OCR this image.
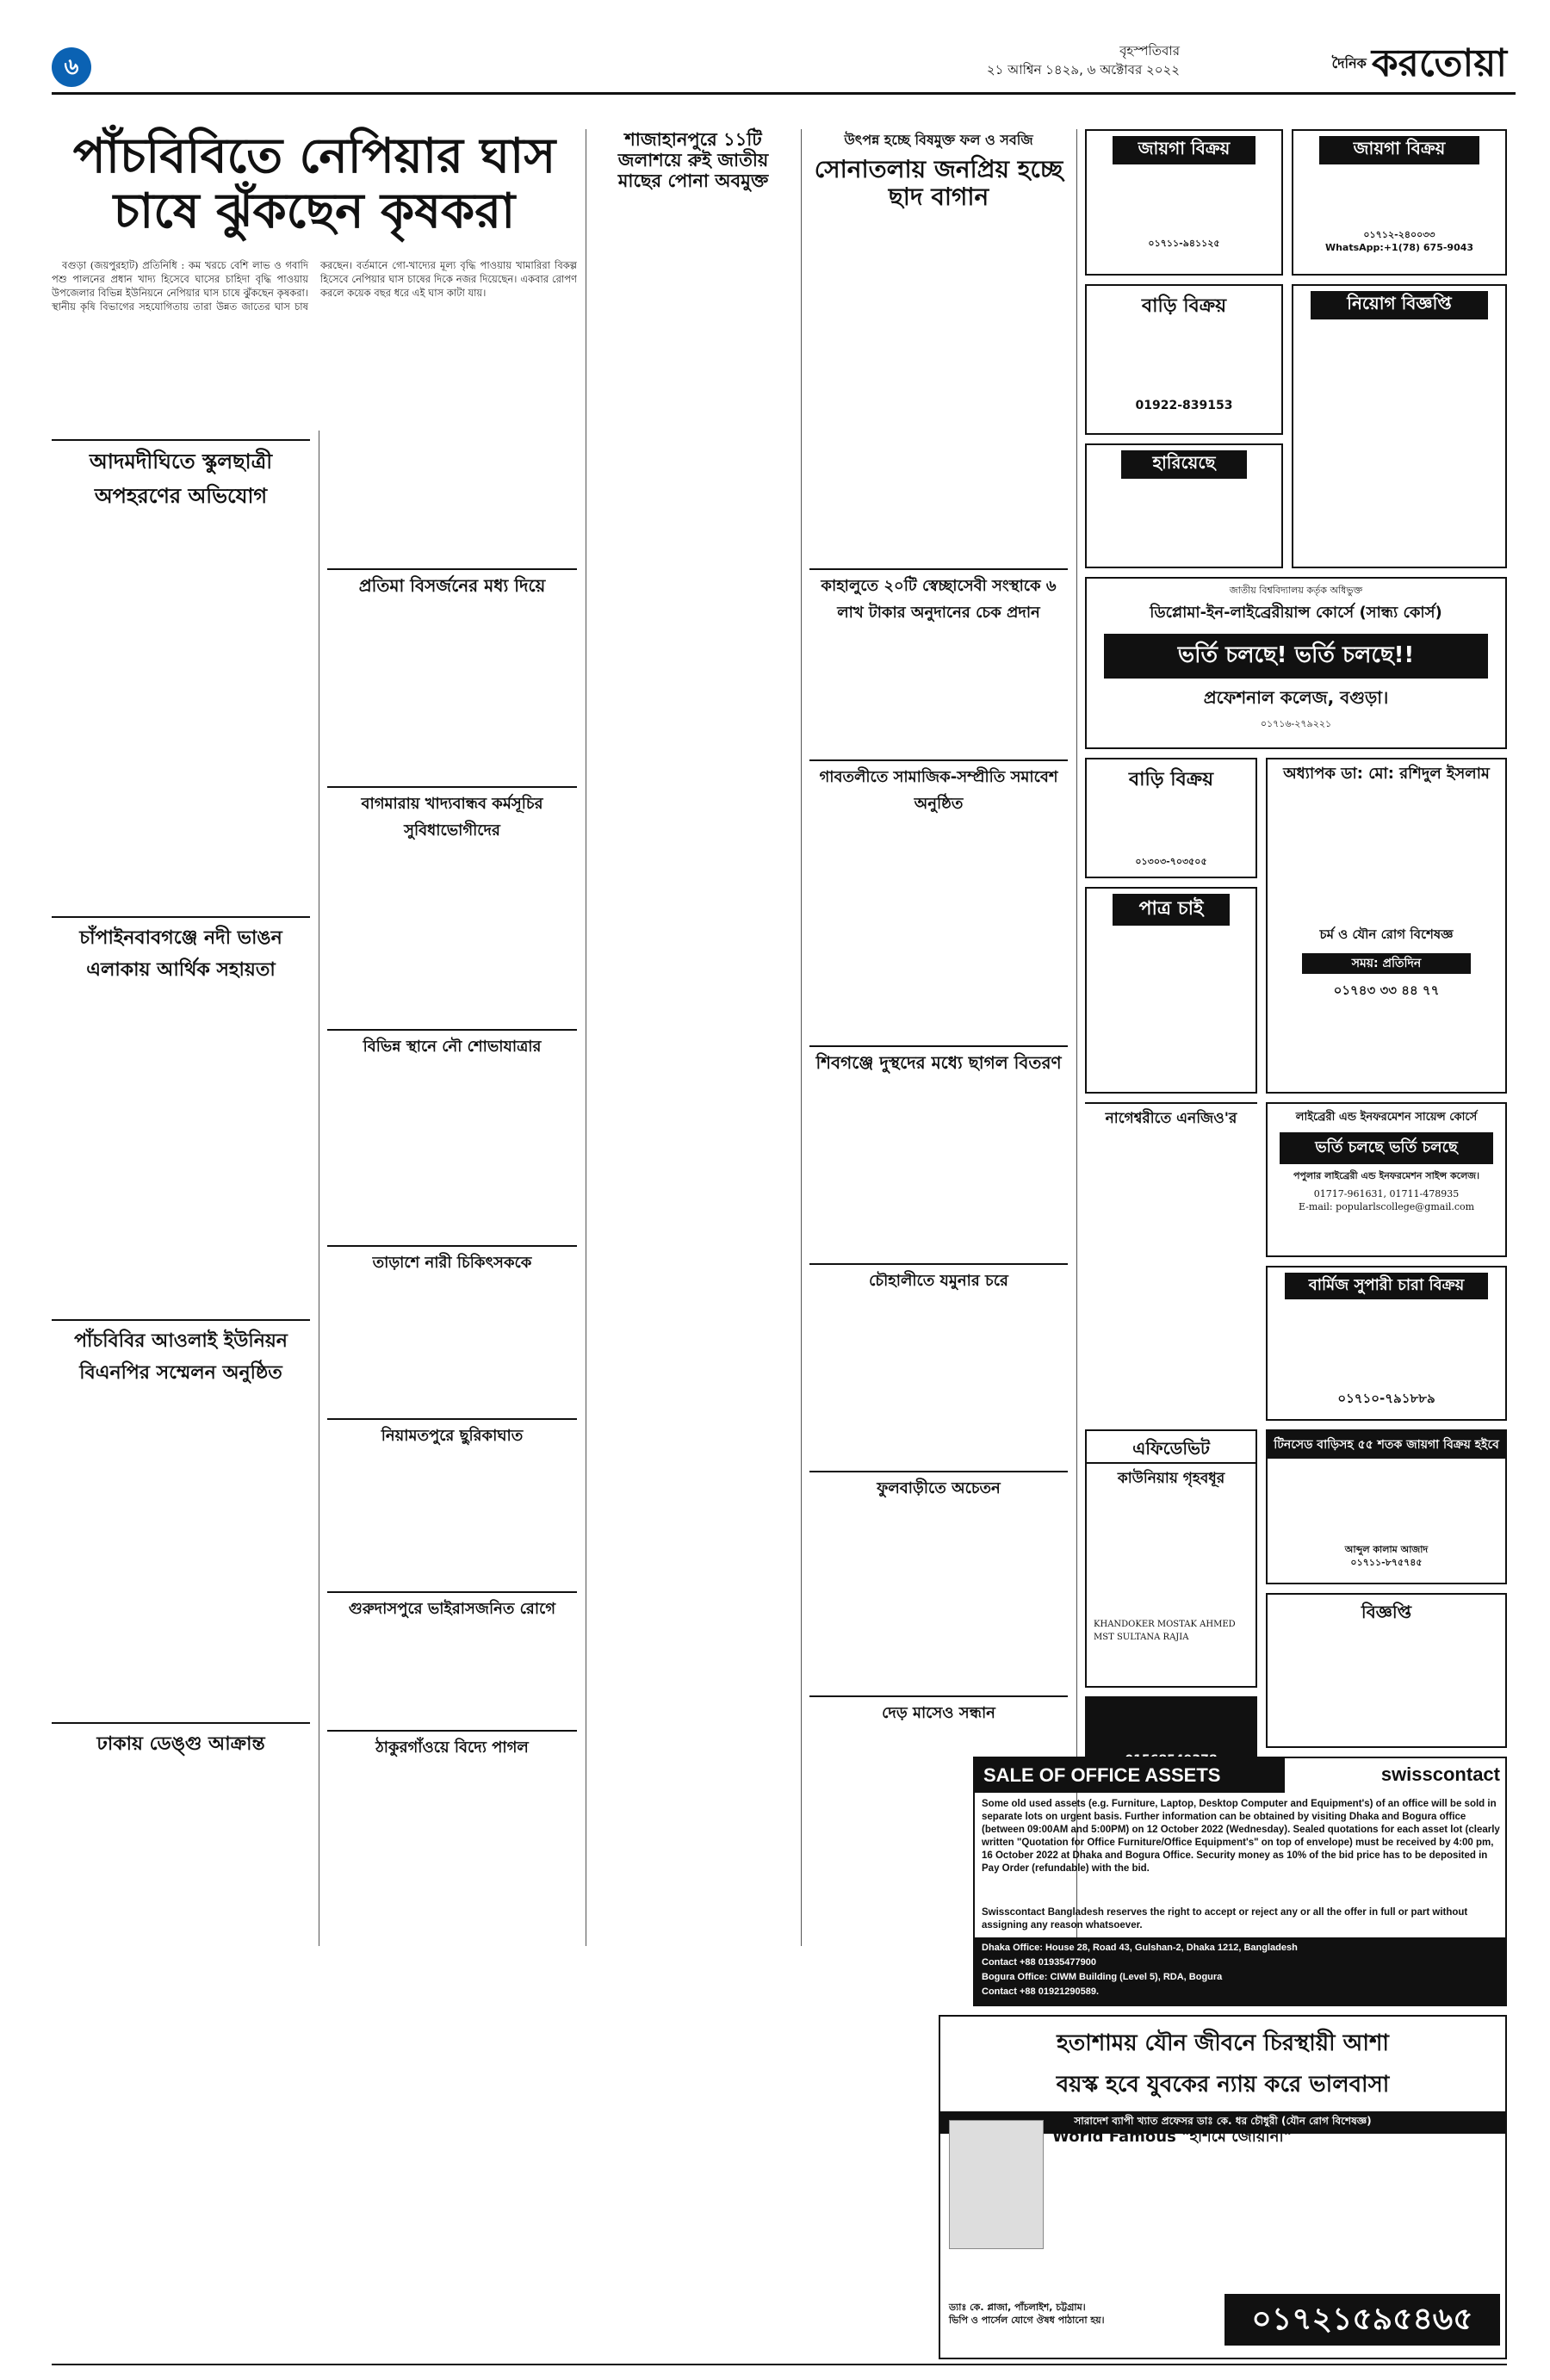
৬
বৃহস্পতিবার
২১ আশ্বিন ১৪২৯, ৬ অক্টোবর ২০২২	$^{দৈনিক}$ করতোয়া
পাঁচবিবিতে নেপিয়ার ঘাস
চাষে ঝুঁকছেন কৃষকরা

বগুড়া (জয়পুরহাট) প্রতিনিধি : কম খরচে বেশি লাভ ও গবাদি পশু পালনের প্রধান খাদ্য হিসেবে ঘাসের চাহিদা বৃদ্ধি পাওয়ায় উপজেলার বিভিন্ন ইউনিয়নে নেপিয়ার ঘাস চাষে ঝুঁকছেন কৃষকরা। স্থানীয় কৃষি বিভাগের সহযোগিতায় তারা উন্নত জাতের ঘাস চাষ করছেন। বর্তমানে গো-খাদ্যের মূল্য বৃদ্ধি পাওয়ায় খামারিরা বিকল্প হিসেবে নেপিয়ার ঘাস চাষের দিকে নজর দিয়েছেন। একবার রোপণ করলে কয়েক বছর ধরে এই ঘাস কাটা যায়।

আদমদীঘিতে স্কুলছাত্রী অপহরণের অভিযোগ
চাঁপাইনবাবগঞ্জে নদী ভাঙন এলাকায় আর্থিক সহায়তা
পাঁচবিবির আওলাই ইউনিয়ন বিএনপির সম্মেলন অনুষ্ঠিত
ঢাকায় ডেঙ্গু আক্রান্ত
প্রতিমা বিসর্জনের মধ্য দিয়ে
বাগমারায় খাদ্যবান্ধব কর্মসূচির সুবিধাভোগীদের
বিভিন্ন স্থানে নৌ শোভাযাত্রার
তাড়াশে নারী চিকিৎসককে
নিয়ামতপুরে ছুরিকাঘাত
গুরুদাসপুরে ভাইরাসজনিত রোগে
ঠাকুরগাঁওয়ে বিদ্যে পাগল
শাজাহানপুরে ১১টি জলাশয়ে রুই জাতীয় মাছের পোনা অবমুক্ত
উৎপন্ন হচ্ছে বিষমুক্ত ফল ও সবজি
সোনাতলায় জনপ্রিয় হচ্ছে ছাদ বাগান
কাহালুতে ২০টি স্বেচ্ছাসেবী সংস্থাকে ৬ লাখ টাকার অনুদানের চেক প্রদান
গাবতলীতে সামাজিক-সম্প্রীতি সমাবেশ অনুষ্ঠিত
শিবগঞ্জে দুস্থদের মধ্যে ছাগল বিতরণ
চৌহালীতে যমুনার চরে
ফুলবাড়ীতে অচেতন
দেড় মাসেও সন্ধান
নাগেশ্বরীতে এনজিও'র
কাউনিয়ায় গৃহবধূর
জায়গা বিক্রয়
০১৭১১-৯৪১১২৫
জায়গা বিক্রয়
০১৭১২-২৪০০৩৩
WhatsApp:+1(78) 675-9043
বাড়ি বিক্রয়
01922-839153
নিয়োগ বিজ্ঞপ্তি
হারিয়েছে
জাতীয় বিশ্ববিদ্যালয় কর্তৃক অধিভুক্ত
ডিপ্লোমা-ইন-লাইব্রেরীয়ান্স কোর্সে (সান্ধ্য কোর্স)
ভর্তি চলছে! ভর্তি চলছে!!
প্রফেশনাল কলেজ, বগুড়া।
০১৭১৬-২৭৯২২১
বাড়ি বিক্রয়
০১৩০৩-৭০৩৫০৫
পাত্র চাই
অধ্যাপক ডা: মো: রশিদুল ইসলাম
চর্ম ও যৌন রোগ বিশেষজ্ঞ
সময়: প্রতিদিন
০১৭৪৩ ৩৩ ৪৪ ৭৭
লাইব্রেরী এন্ড ইনফরমেশন সায়েন্স কোর্সে
ভর্তি চলছে ভর্তি চলছে
পপুলার লাইব্রেরী এন্ড ইনফরমেশন সাইন্স কলেজ।
01717-961631, 01711-478935
E-mail: popularlscollege@gmail.com
বার্মিজ সুপারী চারা বিক্রয়
০১৭১০-৭৯১৮৮৯
টিনসেড বাড়িসহ ৫৫ শতক জায়গা বিক্রয় হইবে
আব্দুল কালাম আজাদ
০১৭১১-৮৭৫৭৪৫
এফিডেভিট
KHANDOKER MOSTAK AHMED
MST SULTANA RAJIA
বিজ্ঞপ্তি
SALE OF OFFICE ASSETS	swisscontact
Some old used assets (e.g. Furniture, Laptop, Desktop Computer and Equipment's) of an office will be sold in separate lots on urgent basis. Further information can be obtained by visiting Dhaka and Bogura office (between 09:00AM and 5:00PM) on 12 October 2022 (Wednesday). Sealed quotations for each asset lot (clearly written "Quotation for Office Furniture/Office Equipment's" on top of envelope) must be received by 4:00 pm, 16 October 2022 at Dhaka and Bogura Office. Security money as 10% of the bid price has to be deposited in Pay Order (refundable) with the bid.
Swisscontact Bangladesh reserves the right to accept or reject any or all the offer in full or part without assigning any reason whatsoever.
Dhaka Office: House 28, Road 43, Gulshan-2, Dhaka 1212, Bangladesh
Contact +88 01935477900
Bogura Office: CIWM Building (Level 5), RDA, Bogura
Contact +88 01921290589.
হতাশাময় যৌন জীবনে চিরস্থায়ী আশা
বয়স্ক হবে যুবকের ন্যায় করে ভালবাসা
সারাদেশ ব্যাপী খ্যাত প্রফেসর ডাঃ কে. ধর চৌধুরী (যৌন রোগ বিশেষজ্ঞ)
World Famous "হাশমে জোয়ানী"
ড্যাঃ কে. প্লাজা, পাঁচলাইশ, চট্টগ্রাম।
ভিপি ও পার্সেল যোগে ঔষধ পাঠানো হয়।	০১৭২১৫৯৫৪৬৫
